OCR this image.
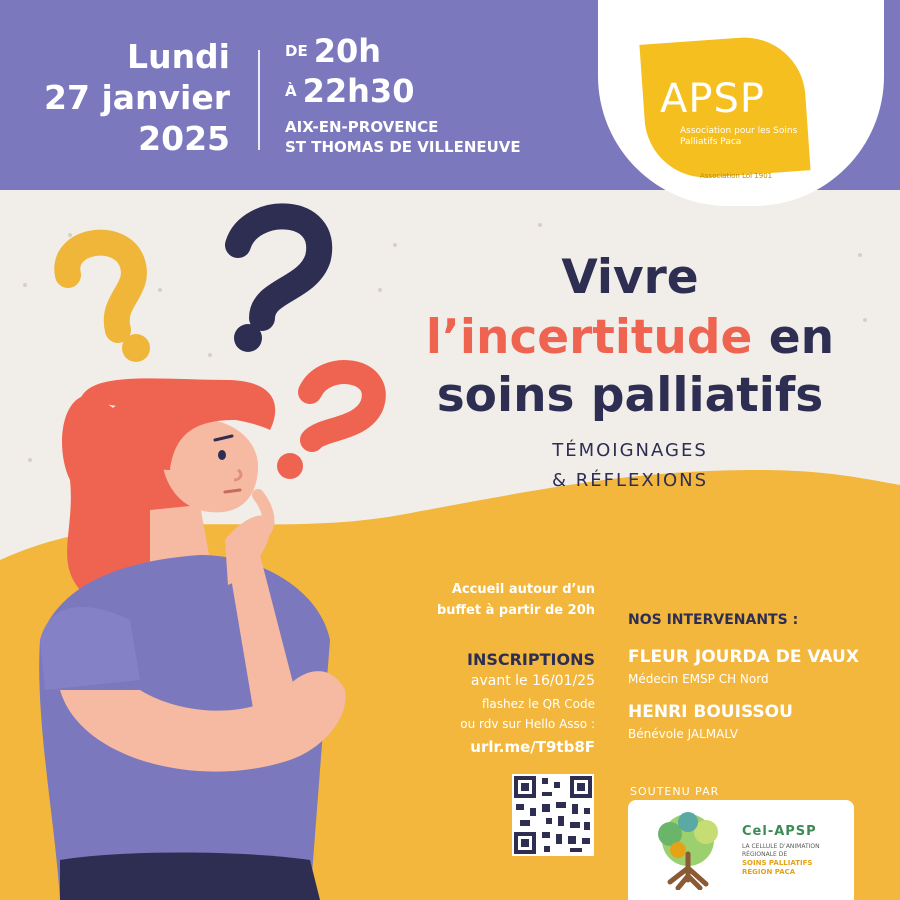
Lundi
27 janvier
2025
DE 20h
À 22h30
AIX-EN-PROVENCE
ST THOMAS DE VILLENEUVE
APSP
Association pour les Soins Palliatifs Paca
Association Loi 1901
Vivre
l’incertitude en
soins palliatifs
TÉMOIGNAGES
& RÉFLEXIONS
Accueil autour d’un
buffet à partir de 20h
INSCRIPTIONS
avant le 16/01/25
flashez le QR Code
ou rdv sur Hello Asso :
urlr.me/T9tb8F
NOS INTERVENANTS :
FLEUR JOURDA DE VAUX
Médecin EMSP CH Nord
HENRI BOUISSOU
Bénévole JALMALV
SOUTENU PAR
Cel-APSP
LA CELLULE D’ANIMATION RÉGIONALE DE
SOINS PALLIATIFS RÉGION PACA
